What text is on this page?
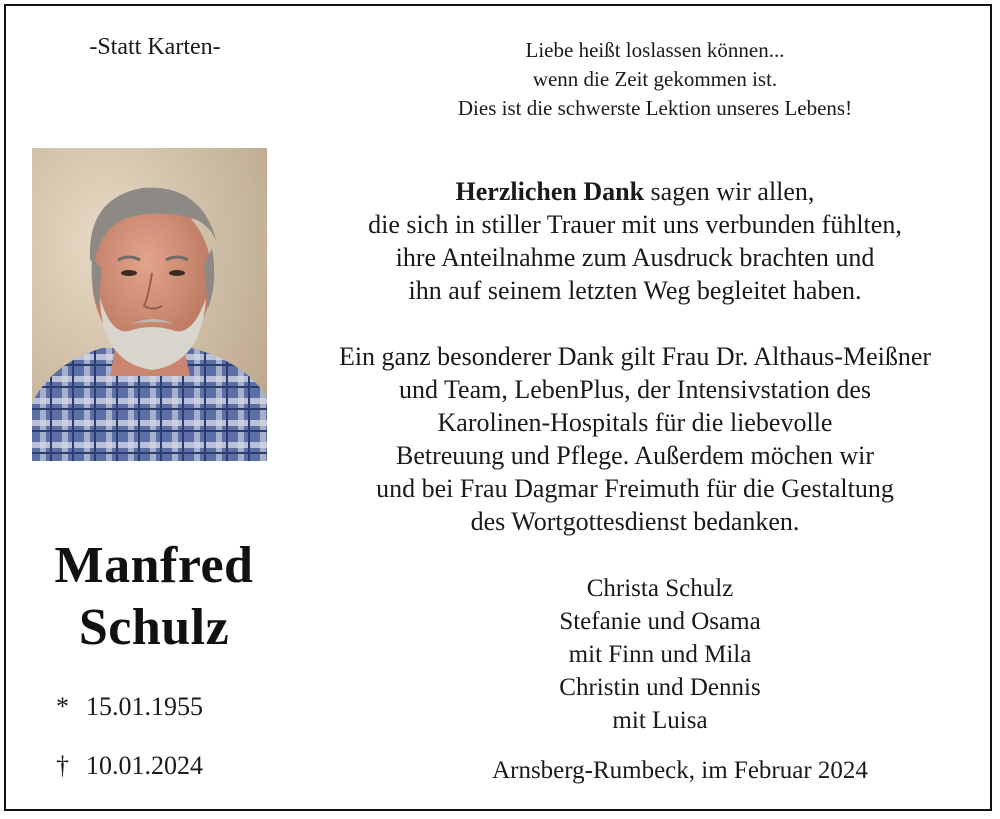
-Statt Karten-	Liebe heißt loslassen können...
wenn die Zeit gekommen ist.
Dies ist die schwerste Lektion unseres Lebens!
Manfred
Schulz
* 15.01.1955
† 10.01.2024

Herzlichen Dank sagen wir allen,

die sich in stiller Trauer mit uns verbunden fühlten,

ihre Anteilnahme zum Ausdruck brachten und

ihn auf seinem letzten Weg begleitet haben.

Ein ganz besonderer Dank gilt Frau Dr. Althaus-Meißner

und Team, LebenPlus, der Intensivstation des

Karolinen-Hospitals für die liebevolle

Betreuung und Pflege. Außerdem möchen wir

und bei Frau Dagmar Freimuth für die Gestaltung

des Wortgottesdienst bedanken.

Christa Schulz
Stefanie und Osama
mit Finn und Mila
Christin und Dennis
mit Luisa
Arnsberg-Rumbeck, im Februar 2024
